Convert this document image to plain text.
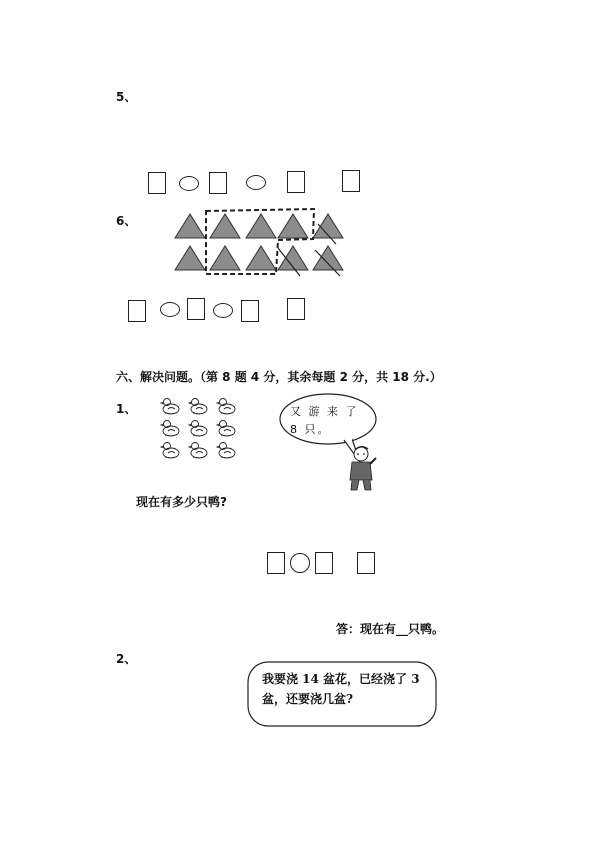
5、
6、
六、解决问题。（第 8 题 4 分，其余每题 2 分，共 18 分.）
1、	又 游 来 了 8 只。
现在有多少只鸭?
答：现在有__只鸭。
2、
我要浇 14 盆花，已经浇了 3 盆，还要浇几盆?
